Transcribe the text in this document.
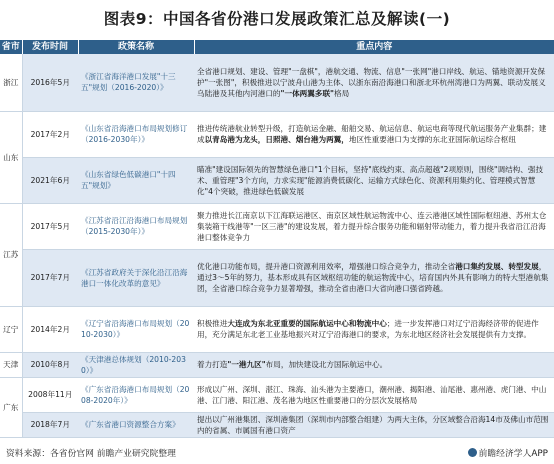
图表9：中国各省份港口发展政策汇总及解读(一)
省市	发布时间	政策名称	重点内容
浙江	2016年5月	《浙江省海洋港口发展"十三五"规划（2016-2020）》	全省港口规划、建设、管理"一盘棋"，港航交通、物流、信息"一张网"港口岸线、航运、锚地资源开发保护"一张图"，积极推进以宁波舟山港为主体、以浙东南沿海港口和浙北环杭州湾港口为两翼、联动发展义乌陆港及其他内河港口的"一体两翼多联"格局
山东	2017年2月	《山东省沿海港口布局规划修订（2016-2030年）》	推进传统港航业转型升级，打造航运金融、船舶交易、航运信息、航运电商等现代航运服务产业集群；建成以青岛港为龙头，日照港、烟台港为两翼，地区性重要港口为支撑的东北亚国际航运综合枢纽
	2021年6月	《山东省绿色低碳港口"十四五"规划》	瞄准"建设国际领先的智慧绿色港口"1个目标，坚持"底线约束、高点超越"2项原则，围绕"调结构、强技术、重管理"3个方向，力求实现"能源消费低碳化、运输方式绿色化、资源利用集约化、管理模式智慧化"4个突破，推进绿色低碳发展
江苏	2017年5月	《江苏省沿江沿海港口布局规划（2015-2030年）》	聚力推进长江南京以下江海联运港区、南京区域性航运物流中心、连云港港区域性国际枢纽港、苏州太仓集装箱干线港等"一区三港"的建设发展，着力提升综合服务功能和辐射带动能力，着力提升我省沿江沿海港口整体竞争力
	2017年7月	《江苏省政府关于深化沿江沿海港口一体化改革的意见》	优化港口功能布局，提升港口资源利用效率，增强港口综合竞争力，推动全省港口集约发展、转型发展，通过3～5年的努力，基本形成具有区域枢纽功能的航运物流中心，培育国内外具有影响力的特大型港航集团，全省港口综合竞争力显著增强，推动全省由港口大省向港口强省跨越。
辽宁	2014年2月	《辽宁省沿海港口布局规划（2010-2030）》	积极推进大连成为东北亚重要的国际航运中心和物流中心；进一步发挥港口对辽宁沿海经济带的促进作用，充分满足东北老工业基地振兴对辽宁沿海港口的要求，为东北地区经济社会发展提供有力支撑。
天津	2010年8月	《天津港总体规划（2010-2030）》	着力打造"一港九区"布局，加快建设北方国际航运中心。
广东	2008年11月	《广东省沿海港口布局规划（2008-2020年）》	形成以广州、深圳、湛江、珠海、汕头港为主要港口，潮州港、揭阳港、汕尾港、惠州港、虎门港、中山港、江门港、阳江港、茂名港为地区性重要港口的分层次发展格局
	2018年7月	《广东省港口资源整合方案》	提出以广州港集团、深圳港集团（深圳市内部整合组建）为两大主体，分区域整合沿海14市及佛山市范围内的省属、市属国有港口资产
资料来源：各省份官网 前瞻产业研究院整理	前瞻经济学人APP
